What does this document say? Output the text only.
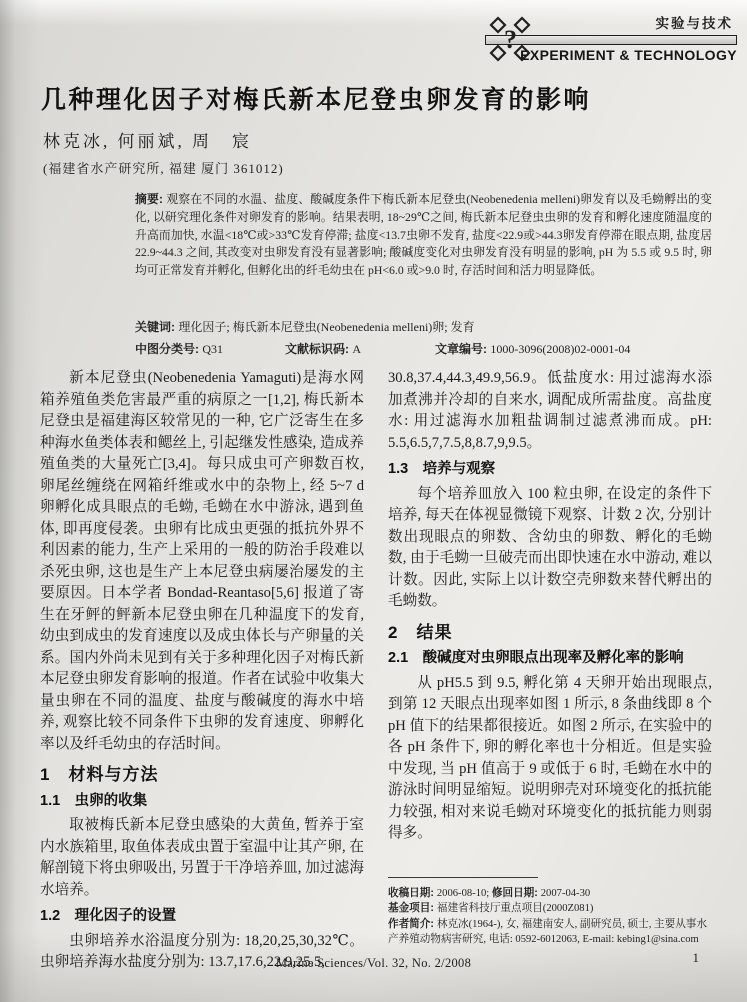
实验与技术
?
EXPERIMENT & TECHNOLOGY
几种理化因子对梅氏新本尼登虫卵发育的影响
林克冰, 何丽斌, 周　宸
(福建省水产研究所, 福建 厦门 361012)

摘要: 观察在不同的水温、盐度、酸碱度条件下梅氏新本尼登虫(Neobenedenia melleni)卵发育以及毛蚴孵出的变化, 以研究理化条件对卵发育的影响。结果表明, 18~29℃之间, 梅氏新本尼登虫虫卵的发育和孵化速度随温度的升高而加快, 水温<18℃或>33℃发育停滞; 盐度<13.7虫卵不发育, 盐度<22.9或>44.3卵发育停滞在眼点期, 盐度居 22.9~44.3 之间, 其改变对虫卵发育没有显著影响; 酸碱度变化对虫卵发育没有明显的影响, pH 为 5.5 或 9.5 时, 卵均可正常发育并孵化, 但孵化出的纤毛幼虫在 pH<6.0 或>9.0 时, 存活时间和活力明显降低。

关键词: 理化因子; 梅氏新本尼登虫(Neobenedenia melleni)卵; 发育
中图分类号: Q31	文献标识码: A	文章编号: 1000-3096(2008)02-0001-04

新本尼登虫(Neobenedenia Yamaguti)是海水网箱养殖鱼类危害最严重的病原之一[1,2], 梅氏新本尼登虫是福建海区较常见的一种, 它广泛寄生在多种海水鱼类体表和鳃丝上, 引起继发性感染, 造成养殖鱼类的大量死亡[3,4]。每只成虫可产卵数百枚, 卵尾丝缠绕在网箱纤维或水中的杂物上, 经 5~7 d 卵孵化成具眼点的毛蚴, 毛蚴在水中游泳, 遇到鱼体, 即再度侵袭。虫卵有比成虫更强的抵抗外界不利因素的能力, 生产上采用的一般的防治手段难以杀死虫卵, 这也是生产上本尼登虫病屡治屡发的主要原因。日本学者 Bondad-Reantaso[5,6] 报道了寄生在牙鲆的鲆新本尼登虫卵在几种温度下的发育, 幼虫到成虫的发育速度以及成虫体长与产卵量的关系。国内外尚未见到有关于多种理化因子对梅氏新本尼登虫卵发育影响的报道。作者在试验中收集大量虫卵在不同的温度、盐度与酸碱度的海水中培养, 观察比较不同条件下虫卵的发育速度、卵孵化率以及纤毛幼虫的存活时间。

1　材料与方法
1.1　虫卵的收集

取被梅氏新本尼登虫感染的大黄鱼, 暂养于室内水族箱里, 取鱼体表成虫置于室温中让其产卵, 在解剖镜下将虫卵吸出, 另置于干净培养皿, 加过滤海水培养。

1.2　理化因子的设置

虫卵培养水浴温度分别为: 18,20,25,30,32℃。虫卵培养海水盐度分别为: 13.7,17.6,22.9,25.5,

30.8,37.4,44.3,49.9,56.9。低盐度水: 用过滤海水添加煮沸并冷却的自来水, 调配成所需盐度。高盐度水: 用过滤海水加粗盐调制过滤煮沸而成。pH: 5.5,6.5,7,7.5,8,8.7,9,9.5。

1.3　培养与观察

每个培养皿放入 100 粒虫卵, 在设定的条件下培养, 每天在体视显微镜下观察、计数 2 次, 分别计数出现眼点的卵数、含幼虫的卵数、孵化的毛蚴数, 由于毛蚴一旦破壳而出即快速在水中游动, 难以计数。因此, 实际上以计数空壳卵数来替代孵出的毛蚴数。

2　结果
2.1　酸碱度对虫卵眼点出现率及孵化率的影响

从 pH5.5 到 9.5, 孵化第 4 天卵开始出现眼点, 到第 12 天眼点出现率如图 1 所示, 8 条曲线即 8 个 pH 值下的结果都很接近。如图 2 所示, 在实验中的各 pH 条件下, 卵的孵化率也十分相近。但是实验中发现, 当 pH 值高于 9 或低于 6 时, 毛蚴在水中的游泳时间明显缩短。说明卵壳对环境变化的抵抗能力较强, 相对来说毛蚴对环境变化的抵抗能力则弱得多。

收稿日期: 2006-08-10; 修回日期: 2007-04-30
基金项目: 福建省科技厅重点项目(2000Z081)
作者简介: 林克冰(1964-), 女, 福建南安人, 副研究员, 硕士, 主要从事水产养殖动物病害研究, 电话: 0592-6012063, E-mail: kebing1@sina.com
Marine Sciences/Vol. 32, No. 2/2008	1
